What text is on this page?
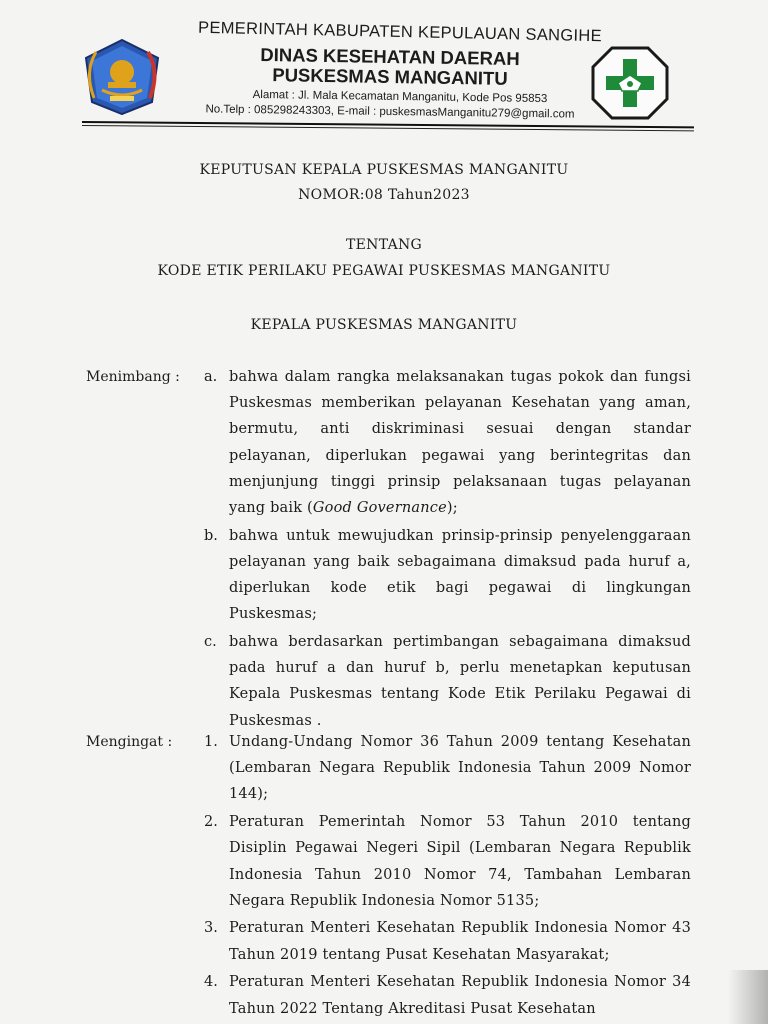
PEMERINTAH KABUPATEN KEPULAUAN SANGIHE
DINAS KESEHATAN DAERAH
PUSKESMAS MANGANITU
Alamat : Jl. Mala Kecamatan Manganitu, Kode Pos 95853
No.Telp : 085298243303, E-mail : puskesmasManganitu279@gmail.com
KEPUTUSAN KEPALA PUSKESMAS MANGANITU
NOMOR:08 Tahun2023
TENTANG
KODE ETIK PERILAKU PEGAWAI PUSKESMAS MANGANITU
KEPALA PUSKESMAS MANGANITU
Menimbang : a. bahwa dalam rangka melaksanakan tugas pokok dan fungsi
Puskesmas memberikan pelayanan Kesehatan yang aman,
bermutu, anti diskriminasi sesuai dengan standar
pelayanan, diperlukan pegawai yang berintegritas dan
menjunjung tinggi prinsip pelaksanaan tugas pelayanan
yang baik (Good Governance);
b. bahwa untuk mewujudkan prinsip-prinsip penyelenggaraan
pelayanan yang baik sebagaimana dimaksud pada huruf a,
diperlukan kode etik bagi pegawai di lingkungan
Puskesmas;
c. bahwa berdasarkan pertimbangan sebagaimana dimaksud
pada huruf a dan huruf b, perlu menetapkan keputusan
Kepala Puskesmas tentang Kode Etik Perilaku Pegawai di
Puskesmas .
Mengingat : 1. Undang-Undang Nomor 36 Tahun 2009 tentang Kesehatan
(Lembaran Negara Republik Indonesia Tahun 2009 Nomor
144);
2. Peraturan Pemerintah Nomor 53 Tahun 2010 tentang
Disiplin Pegawai Negeri Sipil (Lembaran Negara Republik
Indonesia Tahun 2010 Nomor 74, Tambahan Lembaran
Negara Republik Indonesia Nomor 5135;
3. Peraturan Menteri Kesehatan Republik Indonesia Nomor 43
Tahun 2019 tentang Pusat Kesehatan Masyarakat;
4. Peraturan Menteri Kesehatan Republik Indonesia Nomor 34
Tahun 2022 Tentang Akreditasi Pusat Kesehatan
